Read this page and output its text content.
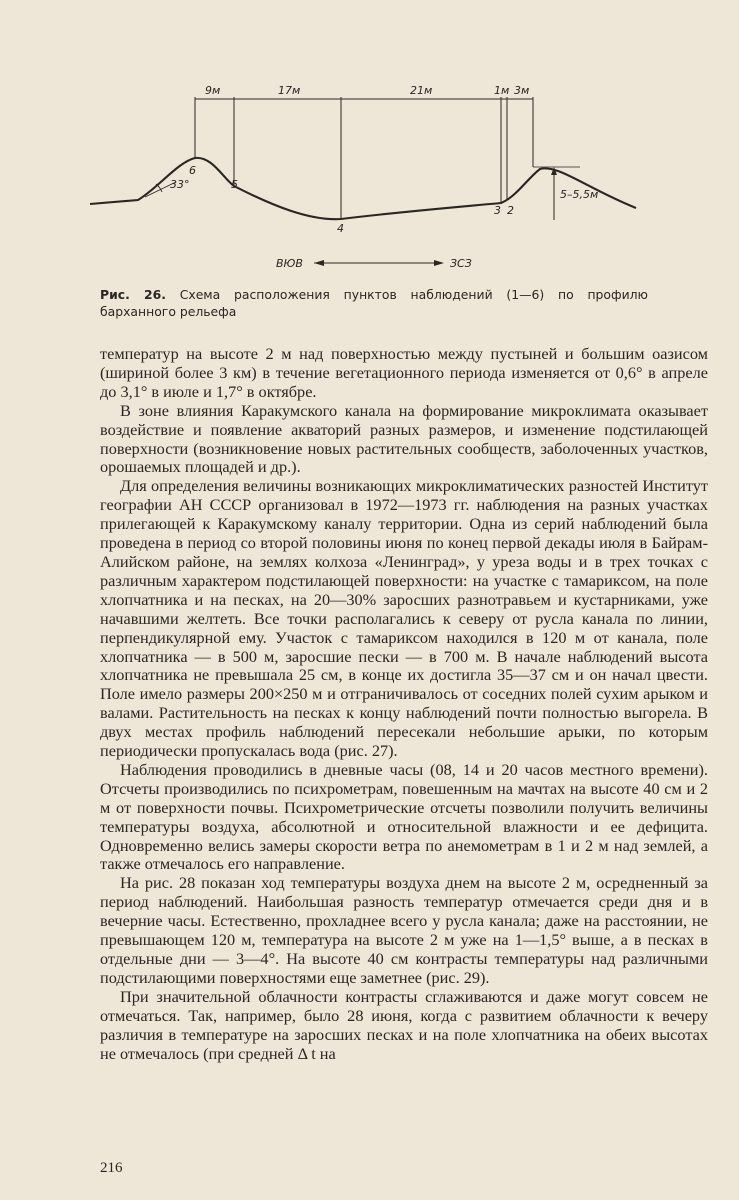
9м	17м	21м	1м 3м
33°
5–5,5м
6
5
4
3 2
ВЮВ	ЗСЗ
Рис. 26. Схема расположения пунктов наблюдений (1—6) по профилю барханного рельефа

температур на высоте 2 м над поверхностью между пустыней и большим оазисом (шириной более 3 км) в течение вегетационного периода изменяется от 0,6° в апреле до 3,1° в июле и 1,7° в октябре.

В зоне влияния Каракумского канала на формирование микроклимата оказывает воздействие и появление акваторий разных размеров, и изменение подстилающей поверхности (возникновение новых растительных сообществ, заболоченных участков, орошаемых площадей и др.).

Для определения величины возникающих микроклиматических разностей Институт географии АН СССР организовал в 1972—1973 гг. наблюдения на разных участках прилегающей к Каракумскому каналу территории. Одна из серий наблюдений была проведена в период со второй половины июня по конец первой декады июля в Байрам-Алийском районе, на землях колхоза «Ленинград», у уреза воды и в трех точках с различным характером подстилающей поверхности: на участке с тамариксом, на поле хлопчатника и на песках, на 20—30% заросших разнотравьем и кустарниками, уже начавшими желтеть. Все точки располагались к северу от русла канала по линии, перпендикулярной ему. Участок с тамариксом находился в 120 м от канала, поле хлопчатника — в 500 м, заросшие пески — в 700 м. В начале наблюдений высота хлопчатника не превышала 25 см, в конце их достигла 35—37 см и он начал цвести. Поле имело размеры 200×250 м и отграничивалось от соседних полей сухим арыком и валами. Растительность на песках к концу наблюдений почти полностью выгорела. В двух местах профиль наблюдений пересекали небольшие арыки, по которым периодически пропускалась вода (рис. 27).

Наблюдения проводились в дневные часы (08, 14 и 20 часов местного времени). Отсчеты производились по психрометрам, повешенным на мачтах на высоте 40 см и 2 м от поверхности почвы. Психрометрические отсчеты позволили получить величины температуры воздуха, абсолютной и относительной влажности и ее дефицита. Одновременно велись замеры скорости ветра по анемометрам в 1 и 2 м над землей, а также отмечалось его направление.

На рис. 28 показан ход температуры воздуха днем на высоте 2 м, осредненный за период наблюдений. Наибольшая разность температур отмечается среди дня и в вечерние часы. Естественно, прохладнее всего у русла канала; даже на расстоянии, не превышающем 120 м, температура на высоте 2 м уже на 1—1,5° выше, а в песках в отдельные дни — 3—4°. На высоте 40 см контрасты температуры над различными подстилающими поверхностями еще заметнее (рис. 29).

При значительной облачности контрасты сглаживаются и даже могут совсем не отмечаться. Так, например, было 28 июня, когда с развитием облачности к вечеру различия в температуре на заросших песках и на поле хлопчатника на обеих высотах не отмечалось (при средней Δ t на

216
